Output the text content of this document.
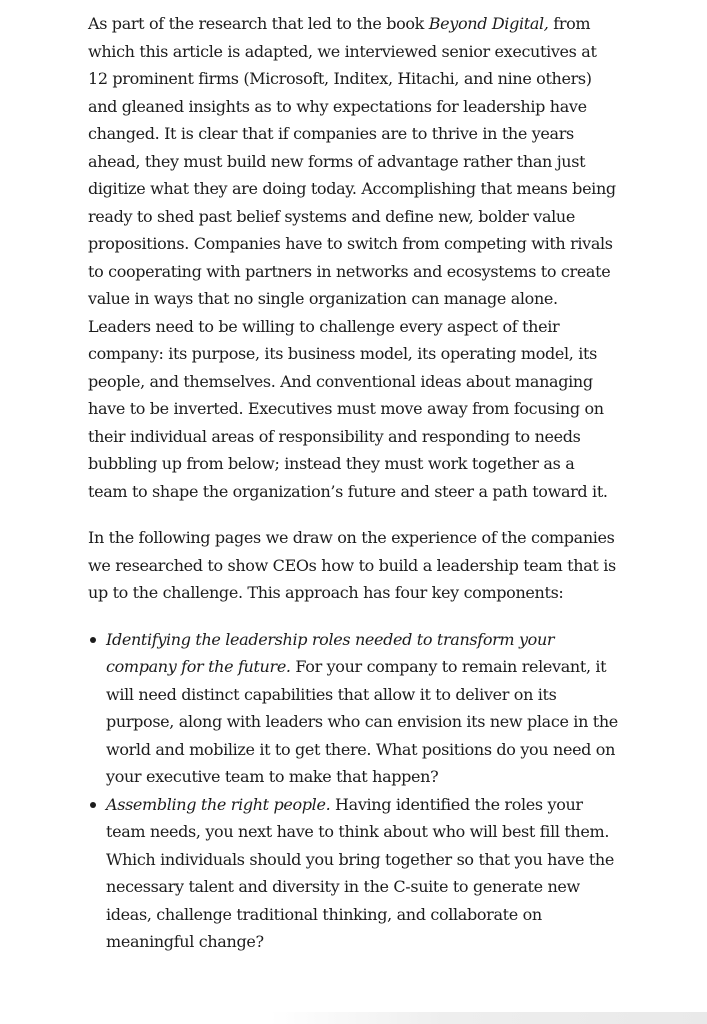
As part of the research that led to the book Beyond Digital, from which this article is adapted, we interviewed senior executives at 12 prominent firms (Microsoft, Inditex, Hitachi, and nine others) and gleaned insights as to why expectations for leadership have changed. It is clear that if companies are to thrive in the years ahead, they must build new forms of advantage rather than just digitize what they are doing today. Accomplishing that means being ready to shed past belief systems and define new, bolder value propositions. Companies have to switch from competing with rivals to cooperating with partners in networks and ecosystems to create value in ways that no single organization can manage alone. Leaders need to be willing to challenge every aspect of their company: its purpose, its business model, its operating model, its people, and themselves. And conventional ideas about managing have to be inverted. Executives must move away from focusing on their individual areas of responsibility and responding to needs bubbling up from below; instead they must work together as a team to shape the organization’s future and steer a path toward it.

In the following pages we draw on the experience of the companies we researched to show CEOs how to build a leadership team that is up to the challenge. This approach has four key components:

Identifying the leadership roles needed to transform your company for the future. For your company to remain relevant, it will need distinct capabilities that allow it to deliver on its purpose, along with leaders who can envision its new place in the world and mobilize it to get there. What positions do you need on your executive team to make that happen?
Assembling the right people. Having identified the roles your team needs, you next have to think about who will best fill them. Which individuals should you bring together so that you have the necessary talent and diversity in the C-suite to generate new ideas, challenge traditional thinking, and collaborate on meaningful change?
